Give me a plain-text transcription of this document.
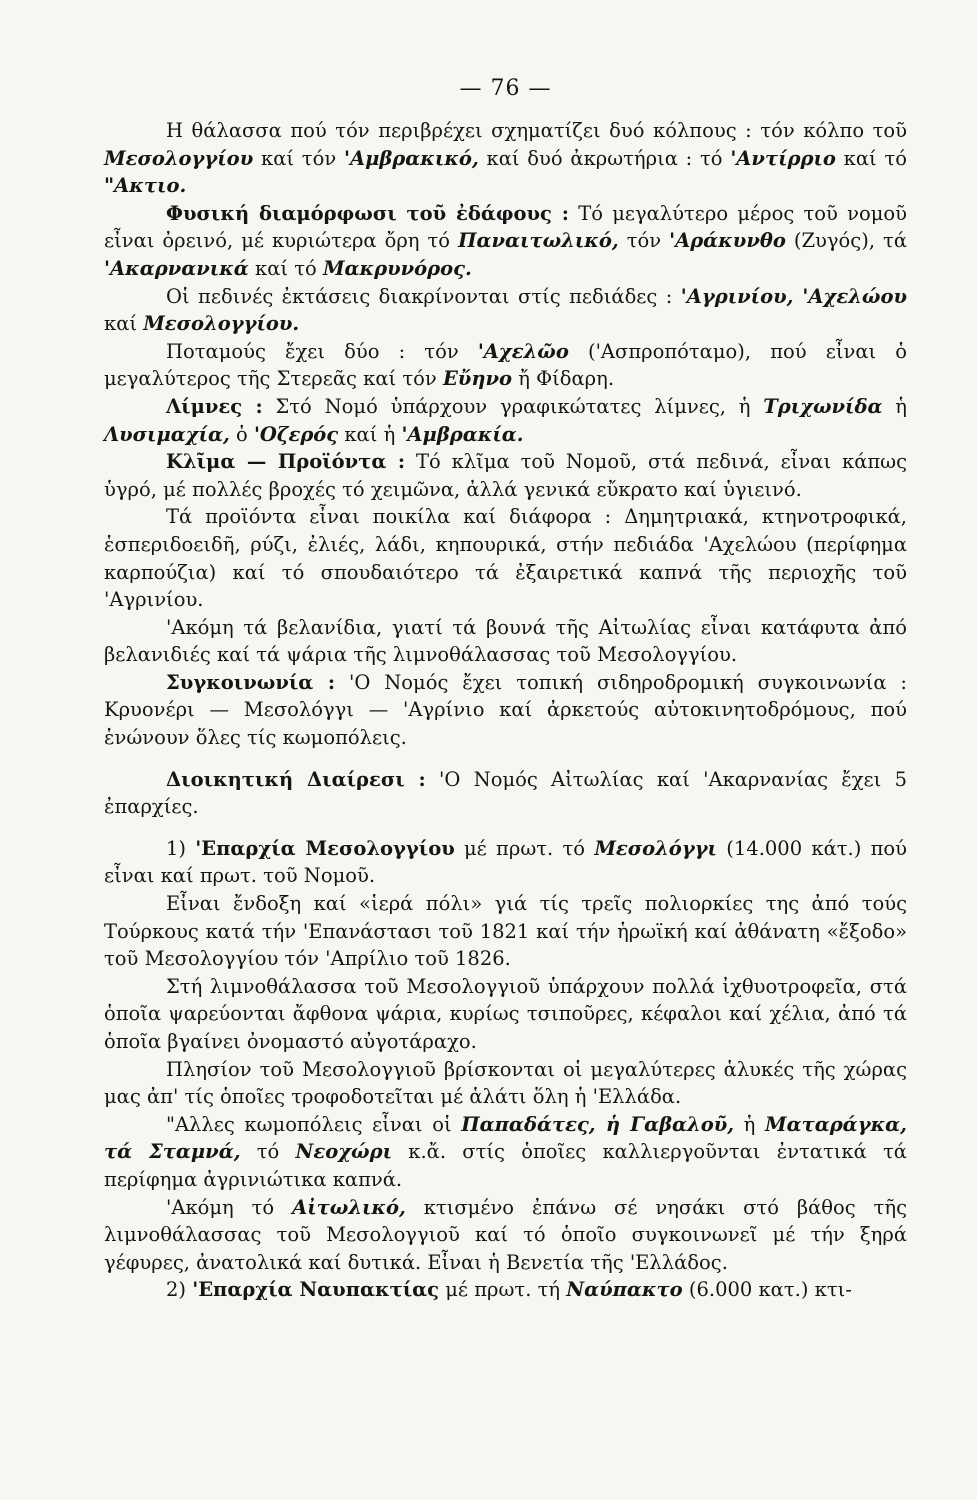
— 76 —

Η θάλασσα πού τόν περιβρέχει σχηματίζει δυό κόλπους : τόν κόλπο τοῦ Μεσολογγίου καί τόν 'Αμβρακικό, καί δυό ἀκρωτήρια : τό 'Αντίρριο καί τό "Ακτιο.

Φυσική διαμόρφωσι τοῦ ἐδάφους : Τό μεγαλύτερο μέρος τοῦ νομοῦ εἶναι ὀρεινό, μέ κυριώτερα ὄρη τό Παναιτωλικό, τόν 'Αράκυνθο (Ζυγός), τά 'Ακαρνανικά καί τό Μακρυνόρος.

Οἱ πεδινές ἐκτάσεις διακρίνονται στίς πεδιάδες : 'Αγρινίου, 'Αχελώου καί Μεσολογγίου.

Ποταμούς ἔχει δύο : τόν 'Αχελῶο ('Ασπροπόταμο), πού εἶναι ὁ μεγαλύτερος τῆς Στερεᾶς καί τόν Εὔηνο ἤ Φίδαρη.

Λίμνες : Στό Νομό ὑπάρχουν γραφικώτατες λίμνες, ἡ Τριχωνίδα ἡ Λυσιμαχία, ὁ 'Οζερός καί ἡ 'Αμβρακία.

Κλῖμα — Προϊόντα : Τό κλῖμα τοῦ Νομοῦ, στά πεδινά, εἶναι κάπως ὑγρό, μέ πολλές βροχές τό χειμῶνα, ἀλλά γενικά εὔκρατο καί ὑγιεινό.

Τά προϊόντα εἶναι ποικίλα καί διάφορα : Δημητριακά, κτηνοτροφικά, ἑσπεριδοειδῆ, ρύζι, ἐλιές, λάδι, κηπουρικά, στήν πεδιάδα 'Αχελώου (περίφημα καρπούζια) καί τό σπουδαιότερο τά ἐξαιρετικά καπνά τῆς περιοχῆς τοῦ 'Αγρινίου.

'Ακόμη τά βελανίδια, γιατί τά βουνά τῆς Αἰτωλίας εἶναι κατάφυτα ἀπό βελανιδιές καί τά ψάρια τῆς λιμνοθάλασσας τοῦ Μεσολογγίου.

Συγκοινωνία : 'Ο Νομός ἔχει τοπική σιδηροδρομική συγκοινωνία : Κρυονέρι — Μεσολόγγι — 'Αγρίνιο καί ἀρκετούς αὐτοκινητοδρόμους, πού ἑνώνουν ὅλες τίς κωμοπόλεις.

Διοικητική Διαίρεσι : 'Ο Νομός Αἰτωλίας καί 'Ακαρνανίας ἔχει 5 ἐπαρχίες.

1) 'Επαρχία Μεσολογγίου μέ πρωτ. τό Μεσολόγγι (14.000 κάτ.) πού εἶναι καί πρωτ. τοῦ Νομοῦ.

Εἶναι ἔνδοξη καί «ἱερά πόλι» γιά τίς τρεῖς πολιορκίες της ἀπό τούς Τούρκους κατά τήν 'Επανάστασι τοῦ 1821 καί τήν ἡρωϊκή καί ἀθάνατη «ἔξοδο» τοῦ Μεσολογγίου τόν 'Απρίλιο τοῦ 1826.

Στή λιμνοθάλασσα τοῦ Μεσολογγιοῦ ὑπάρχουν πολλά ἰχθυοτροφεῖα, στά ὁποῖα ψαρεύονται ἄφθονα ψάρια, κυρίως τσιποῦρες, κέφαλοι καί χέλια, ἀπό τά ὁποῖα βγαίνει ὀνομαστό αὐγοτάραχο.

Πλησίον τοῦ Μεσολογγιοῦ βρίσκονται οἱ μεγαλύτερες ἁλυκές τῆς χώρας μας ἀπ' τίς ὁποῖες τροφοδοτεῖται μέ ἁλάτι ὅλη ἡ 'Ελλάδα.

"Αλλες κωμοπόλεις εἶναι οἱ Παπαδάτες, ἡ Γαβαλοῦ, ἡ Ματαράγκα, τά Σταμνά, τό Νεοχώρι κ.ἄ. στίς ὁποῖες καλλιεργοῦνται ἐντατικά τά περίφημα ἀγρινιώτικα καπνά.

'Ακόμη τό Αἰτωλικό, κτισμένο ἐπάνω σέ νησάκι στό βάθος τῆς λιμνοθάλασσας τοῦ Μεσολογγιοῦ καί τό ὁποῖο συγκοινωνεῖ μέ τήν ξηρά γέφυρες, ἀνατολικά καί δυτικά. Εἶναι ἡ Βενετία τῆς 'Ελλάδος.

2) 'Επαρχία Ναυπακτίας μέ πρωτ. τή Ναύπακτο (6.000 κατ.) κτι-
